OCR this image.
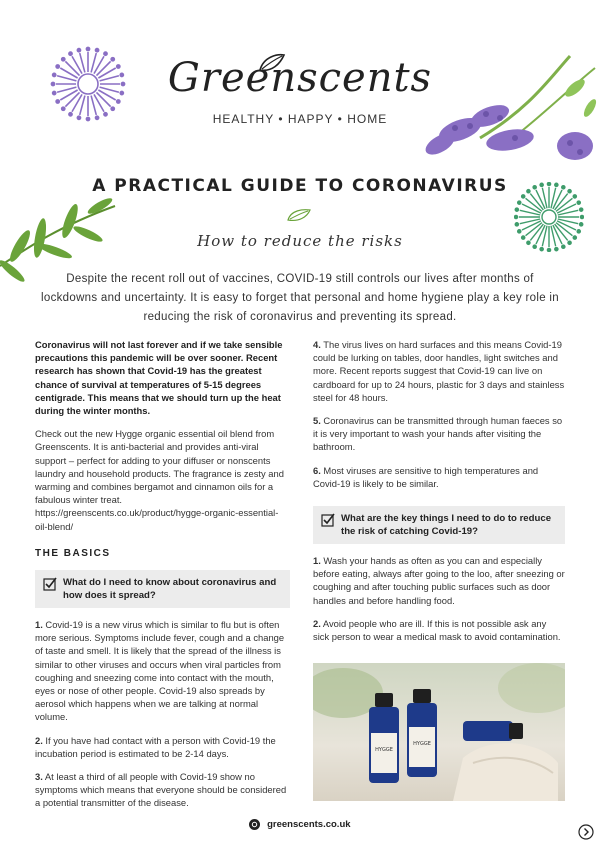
Greenscents
HEALTHY • HAPPY • HOME
A PRACTICAL GUIDE TO CORONAVIRUS
How to reduce the risks
Despite the recent roll out of vaccines, COVID-19 still controls our lives after months of lockdowns and uncertainty. It is easy to forget that personal and home hygiene play a key role in reducing the risk of coronavirus and preventing its spread.

Coronavirus will not last forever and if we take sensible precautions this pandemic will be over sooner. Recent research has shown that Covid-19 has the greatest chance of survival at temperatures of 5-15 degrees centigrade. This means that we should turn up the heat during the winter months.

Check out the new Hygge organic essential oil blend from Greenscents. It is anti-bacterial and provides anti-viral support – perfect for adding to your diffuser or nonscents laundry and household products. The fragrance is zesty and warming and combines bergamot and cinnamon oils for a fabulous winter treat. https://greenscents.co.uk/product/hygge-organic-essential-oil-blend/

THE BASICS
What do I need to know about coronavirus and how does it spread?

1. Covid-19 is a new virus which is similar to flu but is often more serious. Symptoms include fever, cough and a change of taste and smell. It is likely that the spread of the illness is similar to other viruses and occurs when viral particles from coughing and sneezing come into contact with the mouth, eyes or nose of other people. Covid-19 also spreads by aerosol which happens when we are talking at normal volume.

2. If you have had contact with a person with Covid-19 the incubation period is estimated to be 2-14 days.

3. At least a third of all people with Covid-19 show no symptoms which means that everyone should be considered a potential transmitter of the disease.

4. The virus lives on hard surfaces and this means Covid-19 could be lurking on tables, door handles, light switches and more. Recent reports suggest that Covid-19 can live on cardboard for up to 24 hours, plastic for 3 days and stainless steel for 48 hours.

5. Coronavirus can be transmitted through human faeces so it is very important to wash your hands after visiting the bathroom.

6. Most viruses are sensitive to high temperatures and Covid-19 is likely to be similar.

What are the key things I need to do to reduce the risk of catching Covid-19?

1. Wash your hands as often as you can and especially before eating, always after going to the loo, after sneezing or coughing and after touching public surfaces such as door handles and before handling food.

2. Avoid people who are ill. If this is not possible ask any sick person to wear a medical mask to avoid contamination.

HYGGE
HYGGE
greenscents.co.uk
